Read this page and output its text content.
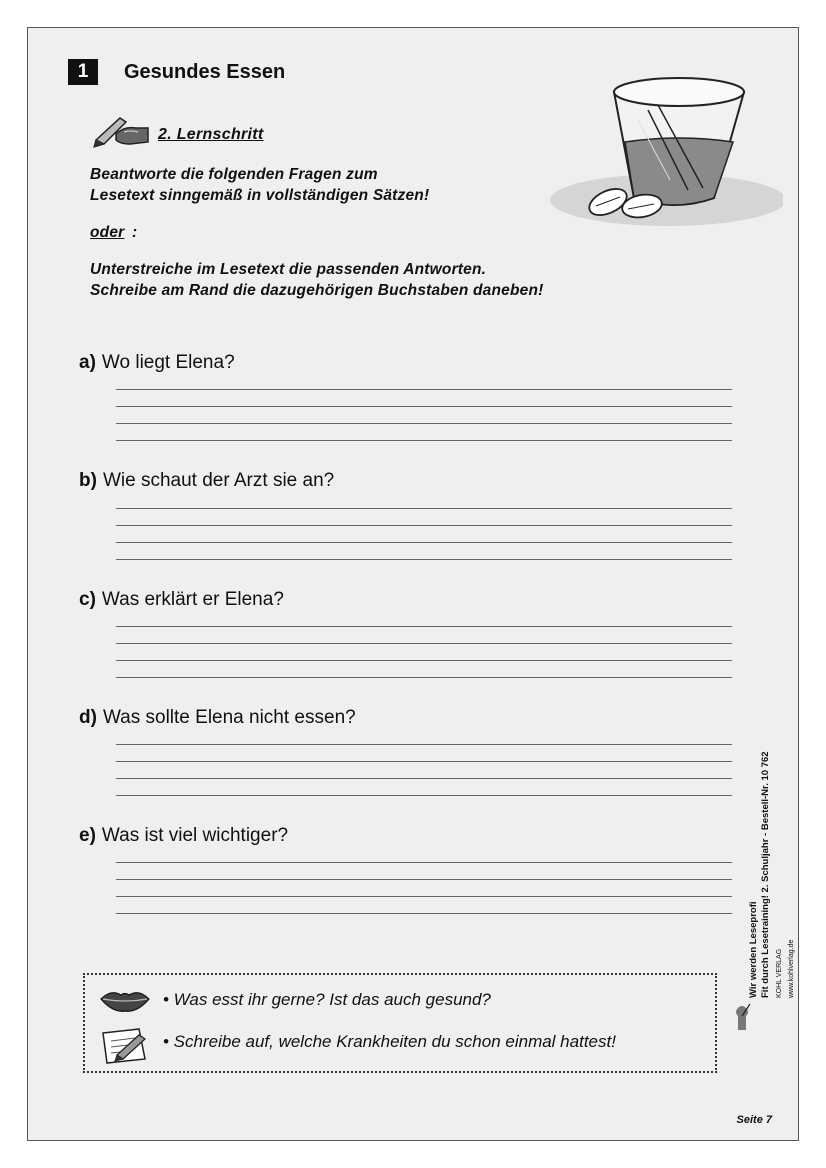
1	Gesundes Essen
2. Lernschritt
Beantworte die folgenden Fragen zum
Lesetext sinngemäß in vollständigen Sätzen!
oder :
Unterstreiche im Lesetext die passenden Antworten.
Schreibe am Rand die dazugehörigen Buchstaben daneben!
a) Wo liegt Elena?
b) Wie schaut der Arzt sie an?
c) Was erklärt er Elena?
d) Was sollte Elena nicht essen?
e) Was ist viel wichtiger?
• Was esst ihr gerne? Ist das auch gesund?
• Schreibe auf, welche Krankheiten du schon einmal hattest!
Wir werden Leseprofi Fit durch Lesetraining! 2. Schuljahr - Bestell-Nr. 10 762 KOHL VERLAG www.kohlverlag.de
Seite 7
